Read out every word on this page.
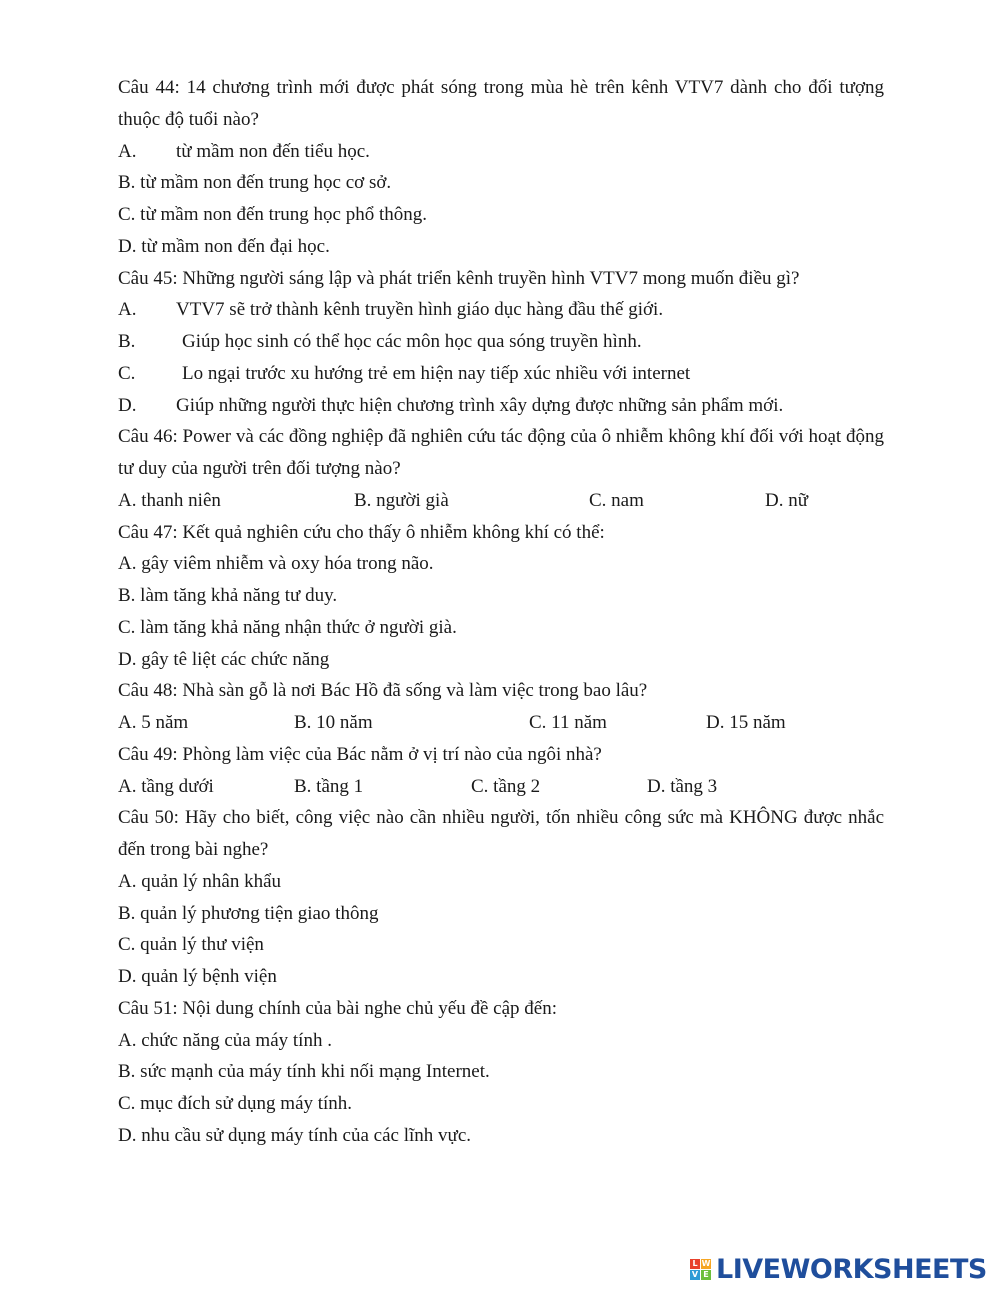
Câu 44: 14 chương trình mới được phát sóng trong mùa hè trên kênh VTV7 dành cho đối tượng thuộc độ tuổi nào?
A. từ mầm non đến tiểu học.
B. từ mầm non đến trung học cơ sở.
C. từ mầm non đến trung học phổ thông.
D. từ mầm non đến đại học.
Câu 45: Những người sáng lập và phát triển kênh truyền hình VTV7 mong muốn điều gì?
A. VTV7 sẽ trở thành kênh truyền hình giáo dục hàng đầu thế giới.
B. Giúp học sinh có thể học các môn học qua sóng truyền hình.
C. Lo ngại trước xu hướng trẻ em hiện nay tiếp xúc nhiều với internet
D. Giúp những người thực hiện chương trình xây dựng được những sản phẩm mới.
Câu 46: Power và các đồng nghiệp đã nghiên cứu tác động của ô nhiễm không khí đối với hoạt động tư duy của người trên đối tượng nào?
A. thanh niên	B. người già	C. nam	D. nữ
Câu 47: Kết quả nghiên cứu cho thấy ô nhiễm không khí có thể:
A. gây viêm nhiễm và oxy hóa trong não.
B. làm tăng khả năng tư duy.
C. làm tăng khả năng nhận thức ở người già.
D. gây tê liệt các chức năng
Câu 48: Nhà sàn gỗ là nơi Bác Hồ đã sống và làm việc trong bao lâu?
A. 5 năm	B. 10 năm	C. 11 năm	D. 15 năm
Câu 49: Phòng làm việc của Bác nằm ở vị trí nào của ngôi nhà?
A. tầng dưới	B. tầng 1	C. tầng 2	D. tầng 3
Câu 50: Hãy cho biết, công việc nào cần nhiều người, tốn nhiều công sức mà KHÔNG được nhắc đến trong bài nghe?
A. quản lý nhân khẩu
B. quản lý phương tiện giao thông
C. quản lý thư viện
D. quản lý bệnh viện
Câu 51: Nội dung chính của bài nghe chủ yếu đề cập đến:
A. chức năng của máy tính .
B. sức mạnh của máy tính khi nối mạng Internet.
C. mục đích sử dụng máy tính.
D. nhu cầu sử dụng máy tính của các lĩnh vực.
L W
V E LIVEWORKSHEETS
